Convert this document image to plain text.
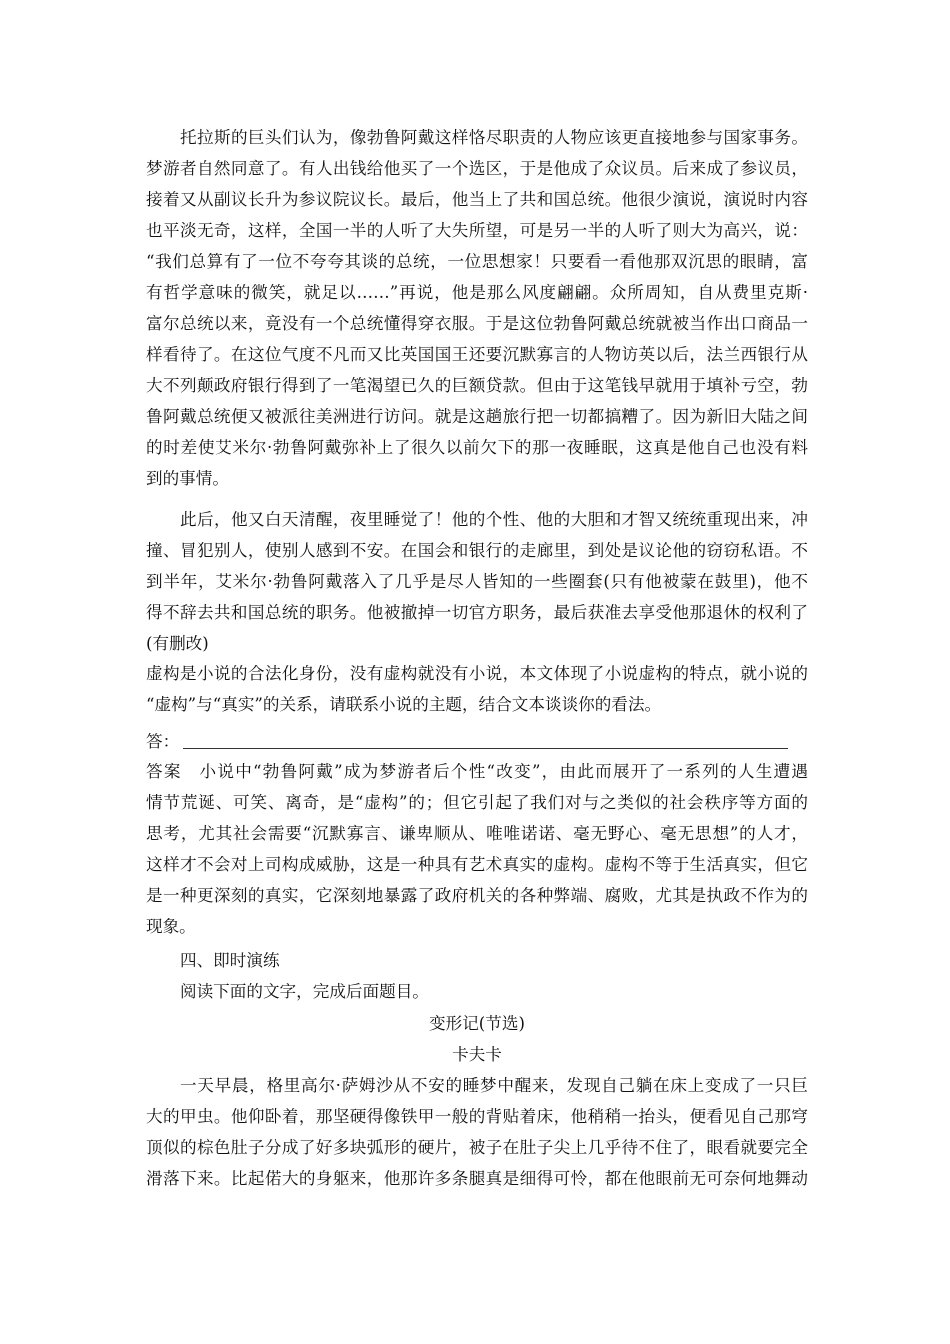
托拉斯的巨头们认为，像勃鲁阿戴这样恪尽职责的人物应该更直接地参与国家事务。
梦游者自然同意了。有人出钱给他买了一个选区，于是他成了众议员。后来成了参议员，
接着又从副议长升为参议院议长。最后，他当上了共和国总统。他很少演说，演说时内容
也平淡无奇，这样，全国一半的人听了大失所望，可是另一半的人听了则大为高兴，说：
“我们总算有了一位不夸夸其谈的总统，一位思想家！只要看一看他那双沉思的眼睛，富
有哲学意味的微笑，就足以……”再说，他是那么风度翩翩。众所周知，自从费里克斯·
富尔总统以来，竟没有一个总统懂得穿衣服。于是这位勃鲁阿戴总统就被当作出口商品一
样看待了。在这位气度不凡而又比英国国王还要沉默寡言的人物访英以后，法兰西银行从
大不列颠政府银行得到了一笔渴望已久的巨额贷款。但由于这笔钱早就用于填补亏空，勃
鲁阿戴总统便又被派往美洲进行访问。就是这趟旅行把一切都搞糟了。因为新旧大陆之间
的时差使艾米尔·勃鲁阿戴弥补上了很久以前欠下的那一夜睡眠，这真是他自己也没有料
到的事情。
此后，他又白天清醒，夜里睡觉了！他的个性、他的大胆和才智又统统重现出来，冲
撞、冒犯别人，使别人感到不安。在国会和银行的走廊里，到处是议论他的窃窃私语。不
到半年，艾米尔·勃鲁阿戴落入了几乎是尽人皆知的一些圈套(只有他被蒙在鼓里)，他不
得不辞去共和国总统的职务。他被撤掉一切官方职务，最后获准去享受他那退休的权利了
(有删改)
虚构是小说的合法化身份，没有虚构就没有小说，本文体现了小说虚构的特点，就小说的
“虚构”与“真实”的关系，请联系小说的主题，结合文本谈谈你的看法。
答：
答案　小说中“勃鲁阿戴”成为梦游者后个性“改变”，由此而展开了一系列的人生遭遇
情节荒诞、可笑、离奇，是“虚构”的；但它引起了我们对与之类似的社会秩序等方面的
思考，尤其社会需要“沉默寡言、谦卑顺从、唯唯诺诺、毫无野心、毫无思想”的人才，
这样才不会对上司构成威胁，这是一种具有艺术真实的虚构。虚构不等于生活真实，但它
是一种更深刻的真实，它深刻地暴露了政府机关的各种弊端、腐败，尤其是执政不作为的
现象。
四、即时演练
阅读下面的文字，完成后面题目。
变形记(节选)
卡夫卡
一天早晨，格里高尔·萨姆沙从不安的睡梦中醒来，发现自己躺在床上变成了一只巨
大的甲虫。他仰卧着，那坚硬得像铁甲一般的背贴着床，他稍稍一抬头，便看见自己那穹
顶似的棕色肚子分成了好多块弧形的硬片，被子在肚子尖上几乎待不住了，眼看就要完全
滑落下来。比起偌大的身躯来，他那许多条腿真是细得可怜，都在他眼前无可奈何地舞动
